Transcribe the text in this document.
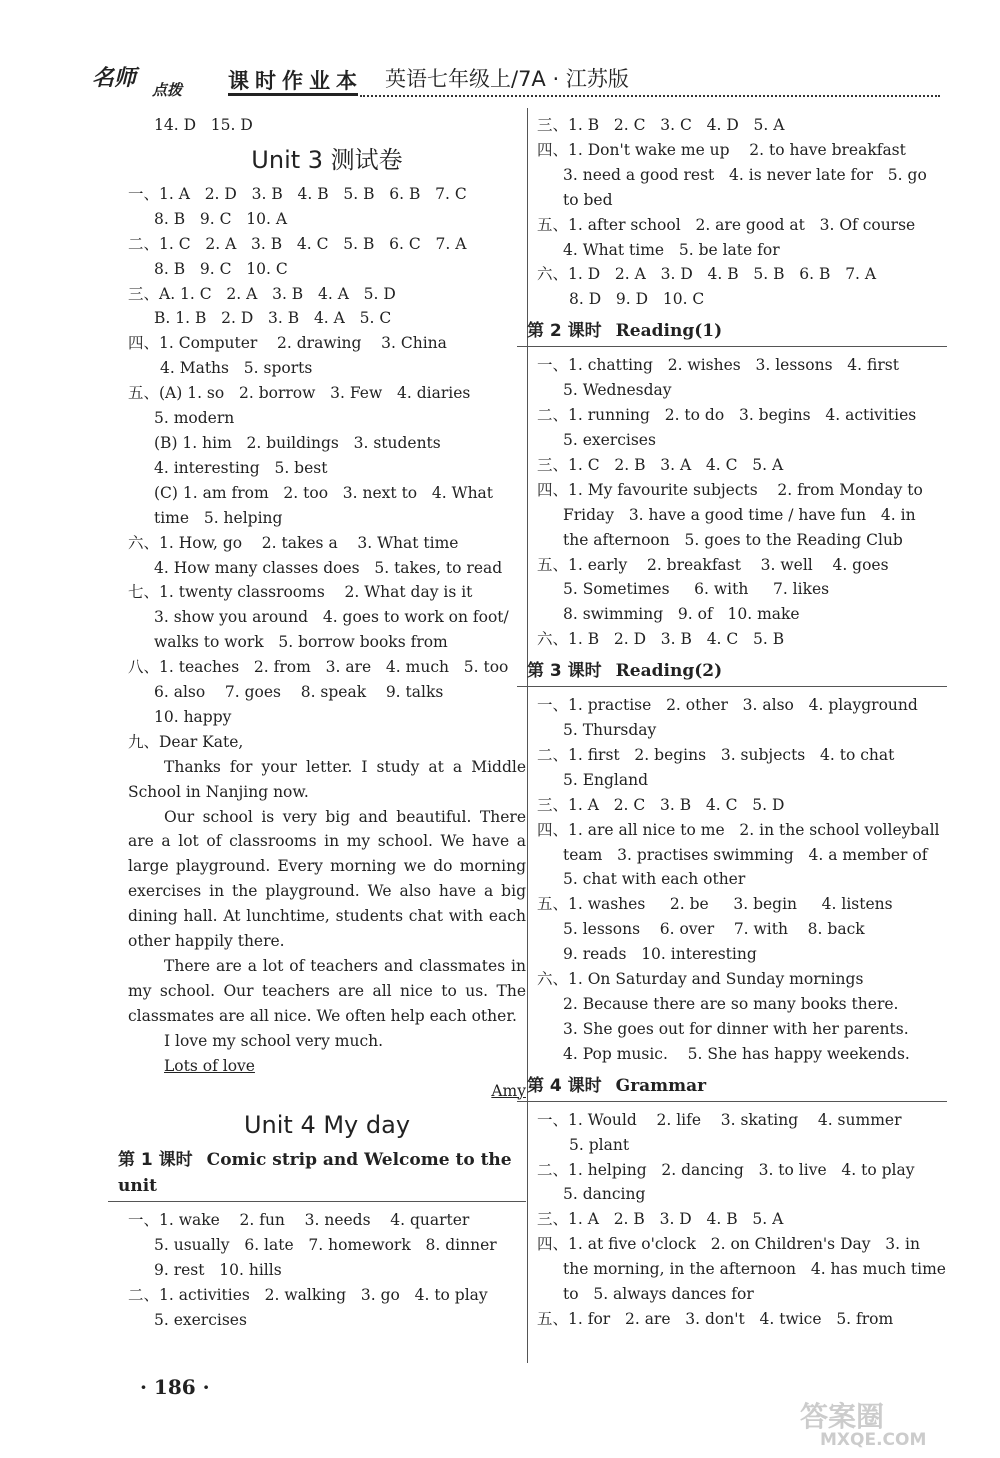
名师 点拨 课时作业本 英语七年级上/7A · 江苏版
14. D   15. D
Unit 3 测试卷
一、1. A   2. D   3. B   4. B   5. B   6. B   7. C
8. B   9. C   10. A
二、1. C   2. A   3. B   4. C   5. B   6. C   7. A
8. B   9. C   10. C
三、A. 1. C   2. A   3. B   4. A   5. D
B. 1. B   2. D   3. B   4. A   5. C
四、1. Computer    2. drawing    3. China
4. Maths   5. sports
五、(A) 1. so   2. borrow   3. Few   4. diaries
5. modern
(B) 1. him   2. buildings   3. students
4. interesting   5. best
(C) 1. am from   2. too   3. next to   4. What
time   5. helping
六、1. How, go    2. takes a    3. What time
4. How many classes does   5. takes, to read
七、1. twenty classrooms    2. What day is it
3. show you around   4. goes to work on foot/
walks to work   5. borrow books from
八、1. teaches   2. from   3. are   4. much   5. too
6. also    7. goes    8. speak    9. talks
10. happy
九、Dear Kate,
Thanks for your letter. I study at a Middle School in Nanjing now.
Our school is very big and beautiful. There are a lot of classrooms in my school. We have a large playground. Every morning we do morning exercises in the playground. We also have a big dining hall. At lunchtime, students chat with each other happily there.
There are a lot of teachers and classmates in my school. Our teachers are all nice to us. The classmates are all nice. We often help each other.
I love my school very much.
Lots of love
Amy
Unit 4 My day
第 1 课时 Comic strip and Welcome to the unit
一、1. wake    2. fun    3. needs    4. quarter
5. usually   6. late   7. homework   8. dinner
9. rest   10. hills
二、1. activities   2. walking   3. go   4. to play
5. exercises
三、1. B   2. C   3. C   4. D   5. A
四、1. Don't wake me up    2. to have breakfast
3. need a good rest   4. is never late for   5. go
to bed
五、1. after school   2. are good at   3. Of course
4. What time   5. be late for
六、1. D   2. A   3. D   4. B   5. B   6. B   7. A
8. D   9. D   10. C
第 2 课时 Reading(1)
一、1. chatting   2. wishes   3. lessons   4. first
5. Wednesday
二、1. running   2. to do   3. begins   4. activities
5. exercises
三、1. C   2. B   3. A   4. C   5. A
四、1. My favourite subjects    2. from Monday to
Friday   3. have a good time / have fun   4. in
the afternoon   5. goes to the Reading Club
五、1. early    2. breakfast    3. well    4. goes
5. Sometimes     6. with     7. likes
8. swimming   9. of   10. make
六、1. B   2. D   3. B   4. C   5. B
第 3 课时 Reading(2)
一、1. practise   2. other   3. also   4. playground
5. Thursday
二、1. first   2. begins   3. subjects   4. to chat
5. England
三、1. A   2. C   3. B   4. C   5. D
四、1. are all nice to me   2. in the school volleyball
team   3. practises swimming   4. a member of
5. chat with each other
五、1. washes     2. be     3. begin     4. listens
5. lessons    6. over    7. with    8. back
9. reads   10. interesting
六、1. On Saturday and Sunday mornings
2. Because there are so many books there.
3. She goes out for dinner with her parents.
4. Pop music.    5. She has happy weekends.
第 4 课时 Grammar
一、1. Would    2. life    3. skating    4. summer
5. plant
二、1. helping   2. dancing   3. to live   4. to play
5. dancing
三、1. A   2. B   3. D   4. B   5. A
四、1. at five o'clock   2. on Children's Day   3. in
the morning, in the afternoon   4. has much time
to   5. always dances for
五、1. for   2. are   3. don't   4. twice   5. from
· 186 ·
答案圈
MXQE.COM
